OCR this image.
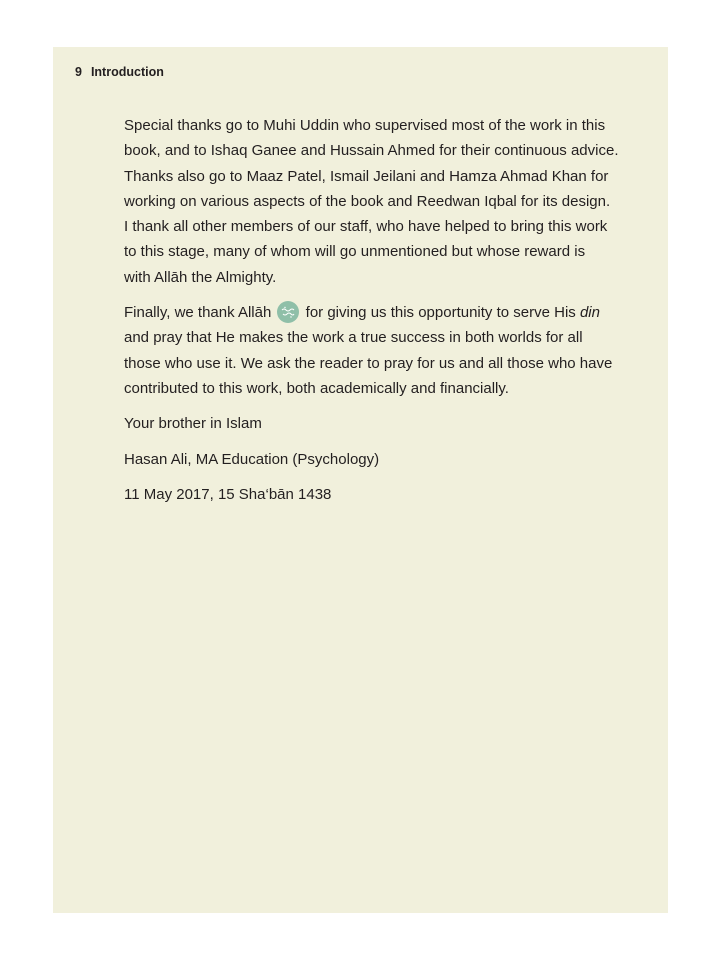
9 Introduction

Special thanks go to Muhi Uddin who supervised most of the work in this
book, and to Ishaq Ganee and Hussain Ahmed for their continuous advice.
Thanks also go to Maaz Patel, Ismail Jeilani and Hamza Ahmad Khan for
working on various aspects of the book and Reedwan Iqbal for its design.
I thank all other members of our staff, who have helped to bring this work
to this stage, many of whom will go unmentioned but whose reward is
with Allāh the Almighty.

Finally, we thank Allāh for giving us this opportunity to serve His din
and pray that He makes the work a true success in both worlds for all
those who use it. We ask the reader to pray for us and all those who have
contributed to this work, both academically and financially.

Your brother in Islam

Hasan Ali, MA Education (Psychology)

11 May 2017, 15 Sha‘bān 1438
